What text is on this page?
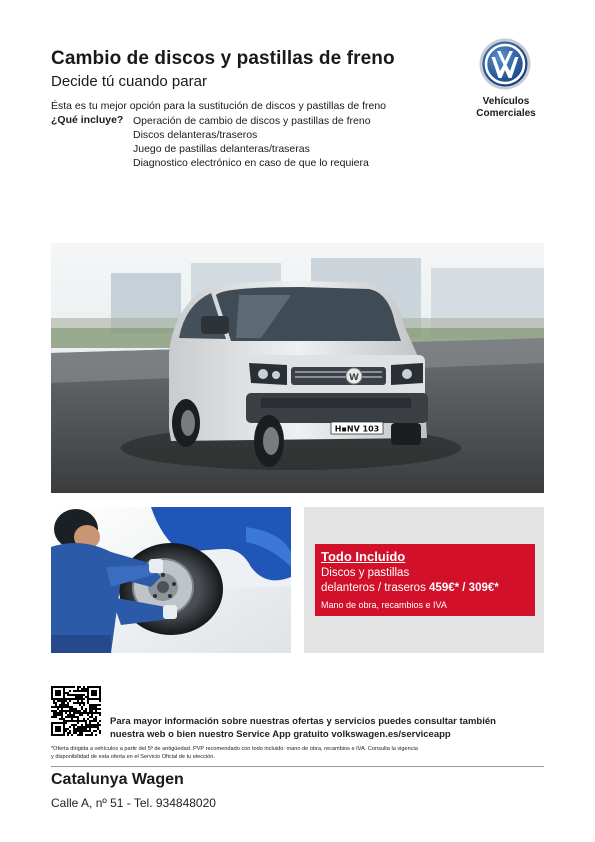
Cambio de discos y pastillas de freno
Decide tú cuando parar
Ésta es tu mejor opción para la sustitución de discos y pastillas de freno
¿Qué incluye? Operación de cambio de discos y pastillas de freno
Discos delanteras/traseros
Juego de pastillas delanteras/traseras
Diagnostico electrónico en caso de que lo requiera
Vehículos
Comerciales
W
H▪NV 103
Todo Incluido
Discos y pastillas
delanteros / traseros 459€* / 309€*
Mano de obra, recambios e IVA
Para mayor información sobre nuestras ofertas y servicios puedes consultar también
nuestra web o bien nuestro Service App gratuito volkswagen.es/serviceapp
*Oferta dirigida a vehículos a partir del 5º de antigüedad. PVP recomendado con todo incluido: mano de obra, recambios e IVA. Consulta la vigencia
y disponibilidad de esta oferta en el Servicio Oficial de tu elección.
Catalunya Wagen
Calle A, nº 51 - Tel. 934848020
